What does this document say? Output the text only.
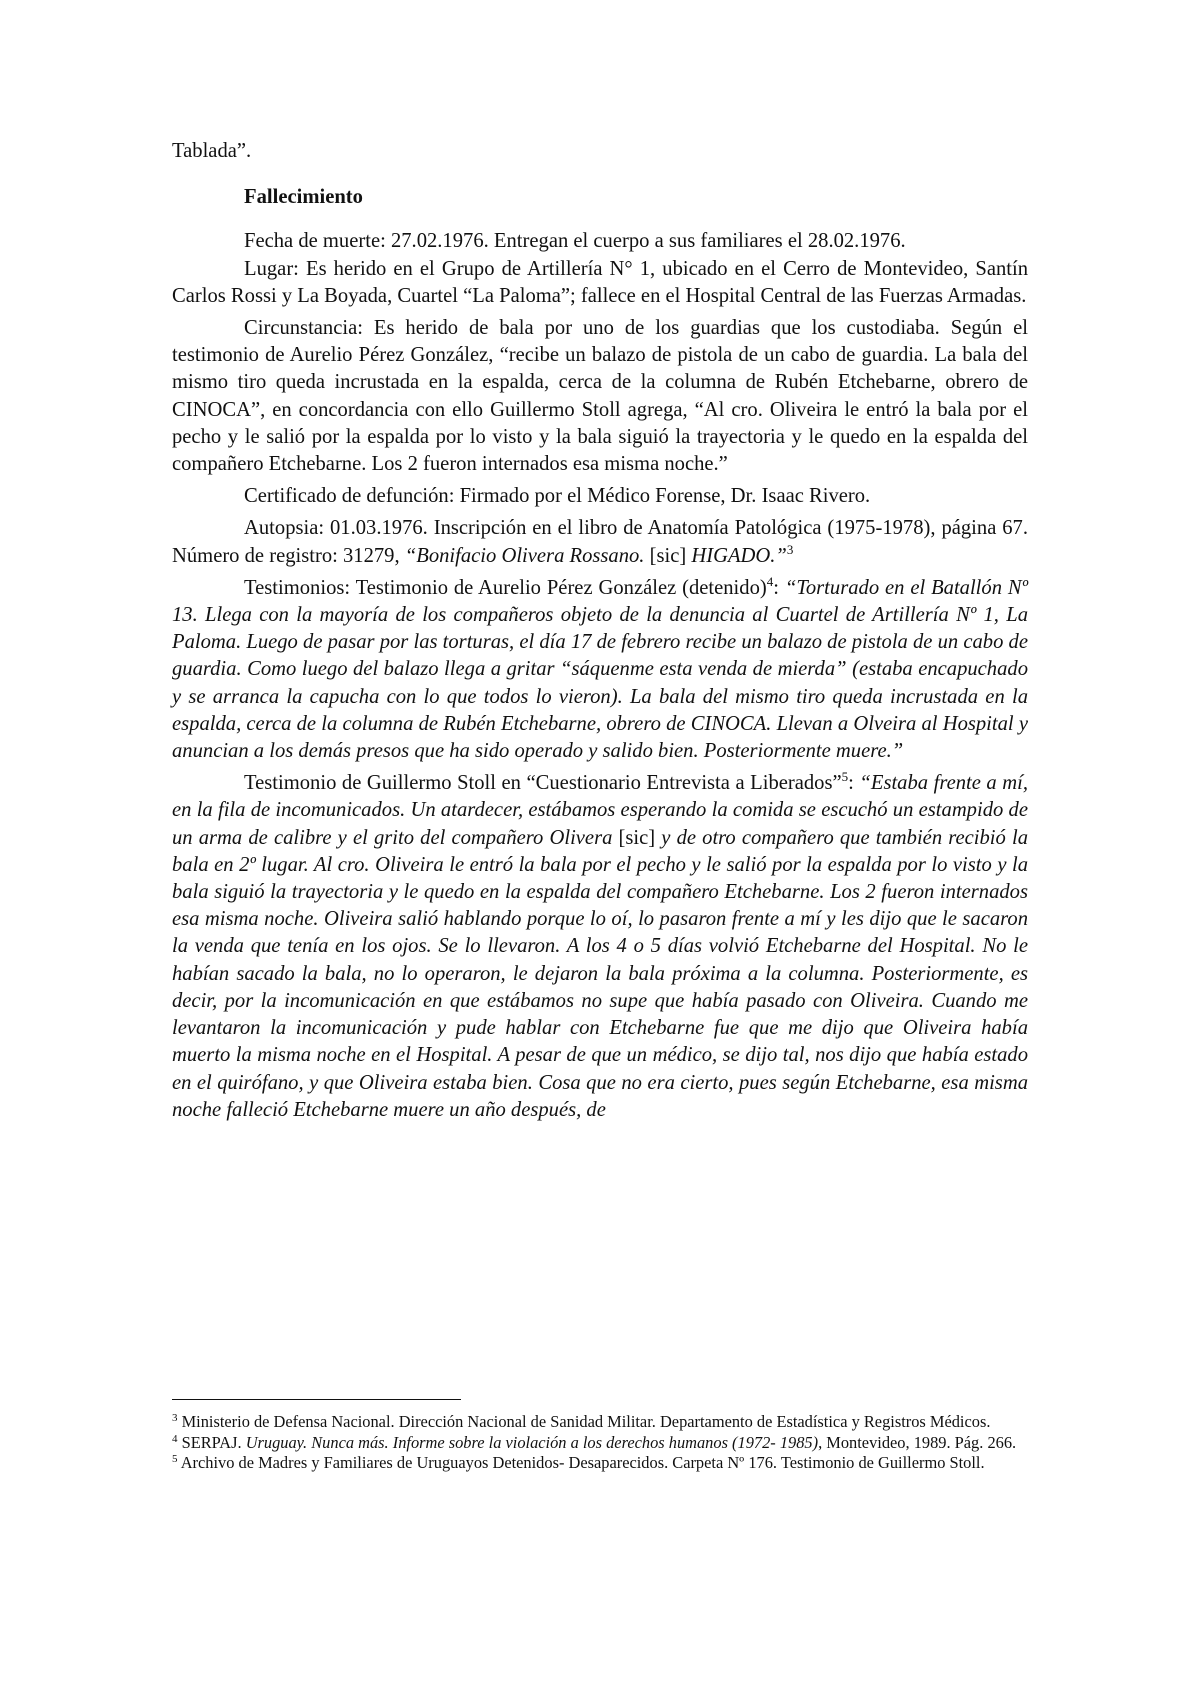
Tablada”.

Fallecimiento

Fecha de muerte: 27.02.1976. Entregan el cuerpo a sus familiares el 28.02.1976.

Lugar: Es herido en el Grupo de Artillería N° 1, ubicado en el Cerro de Montevideo, Santín Carlos Rossi y La Boyada, Cuartel “La Paloma”; fallece en el Hospital Central de las Fuerzas Armadas.

Circunstancia: Es herido de bala por uno de los guardias que los custodiaba. Según el testimonio de Aurelio Pérez González, “recibe un balazo de pistola de un cabo de guardia. La bala del mismo tiro queda incrustada en la espalda, cerca de la columna de Rubén Etchebarne, obrero de CINOCA”, en concordancia con ello Guillermo Stoll agrega, “Al cro. Oliveira le entró la bala por el pecho y le salió por la espalda por lo visto y la bala siguió la trayectoria y le quedo en la espalda del compañero Etchebarne. Los 2 fueron internados esa misma noche.”

Certificado de defunción: Firmado por el Médico Forense, Dr. Isaac Rivero.

Autopsia: 01.03.1976. Inscripción en el libro de Anatomía Patológica (1975-1978), página 67. Número de registro: 31279, “Bonifacio Olivera Rossano. [sic] HIGADO.”$^3$

Testimonios: Testimonio de Aurelio Pérez González (detenido)$^4$: “Torturado en el Batallón Nº 13. Llega con la mayoría de los compañeros objeto de la denuncia al Cuartel de Artillería Nº 1, La Paloma. Luego de pasar por las torturas, el día 17 de febrero recibe un balazo de pistola de un cabo de guardia. Como luego del balazo llega a gritar “sáquenme esta venda de mierda” (estaba encapuchado y se arranca la capucha con lo que todos lo vieron). La bala del mismo tiro queda incrustada en la espalda, cerca de la columna de Rubén Etchebarne, obrero de CINOCA. Llevan a Olveira al Hospital y anuncian a los demás presos que ha sido operado y salido bien. Posteriormente muere.”

Testimonio de Guillermo Stoll en “Cuestionario Entrevista a Liberados”$^5$: “Estaba frente a mí, en la fila de incomunicados. Un atardecer, estábamos esperando la comida se escuchó un estampido de un arma de calibre y el grito del compañero Olivera [sic] y de otro compañero que también recibió la bala en 2º lugar. Al cro. Oliveira le entró la bala por el pecho y le salió por la espalda por lo visto y la bala siguió la trayectoria y le quedo en la espalda del compañero Etchebarne. Los 2 fueron internados esa misma noche. Oliveira salió hablando porque lo oí, lo pasaron frente a mí y les dijo que le sacaron la venda que tenía en los ojos. Se lo llevaron. A los 4 o 5 días volvió Etchebarne del Hospital. No le habían sacado la bala, no lo operaron, le dejaron la bala próxima a la columna. Posteriormente, es decir, por la incomunicación en que estábamos no supe que había pasado con Oliveira. Cuando me levantaron la incomunicación y pude hablar con Etchebarne fue que me dijo que Oliveira había muerto la misma noche en el Hospital. A pesar de que un médico, se dijo tal, nos dijo que había estado en el quirófano, y que Oliveira estaba bien. Cosa que no era cierto, pues según Etchebarne, esa misma noche falleció Etchebarne muere un año después, de

$^3$ Ministerio de Defensa Nacional. Dirección Nacional de Sanidad Militar. Departamento de Estadística y Registros Médicos.

$^4$ SERPAJ. Uruguay. Nunca más. Informe sobre la violación a los derechos humanos (1972- 1985), Montevideo, 1989. Pág. 266.

$^5$ Archivo de Madres y Familiares de Uruguayos Detenidos- Desaparecidos. Carpeta Nº 176. Testimonio de Guillermo Stoll.
